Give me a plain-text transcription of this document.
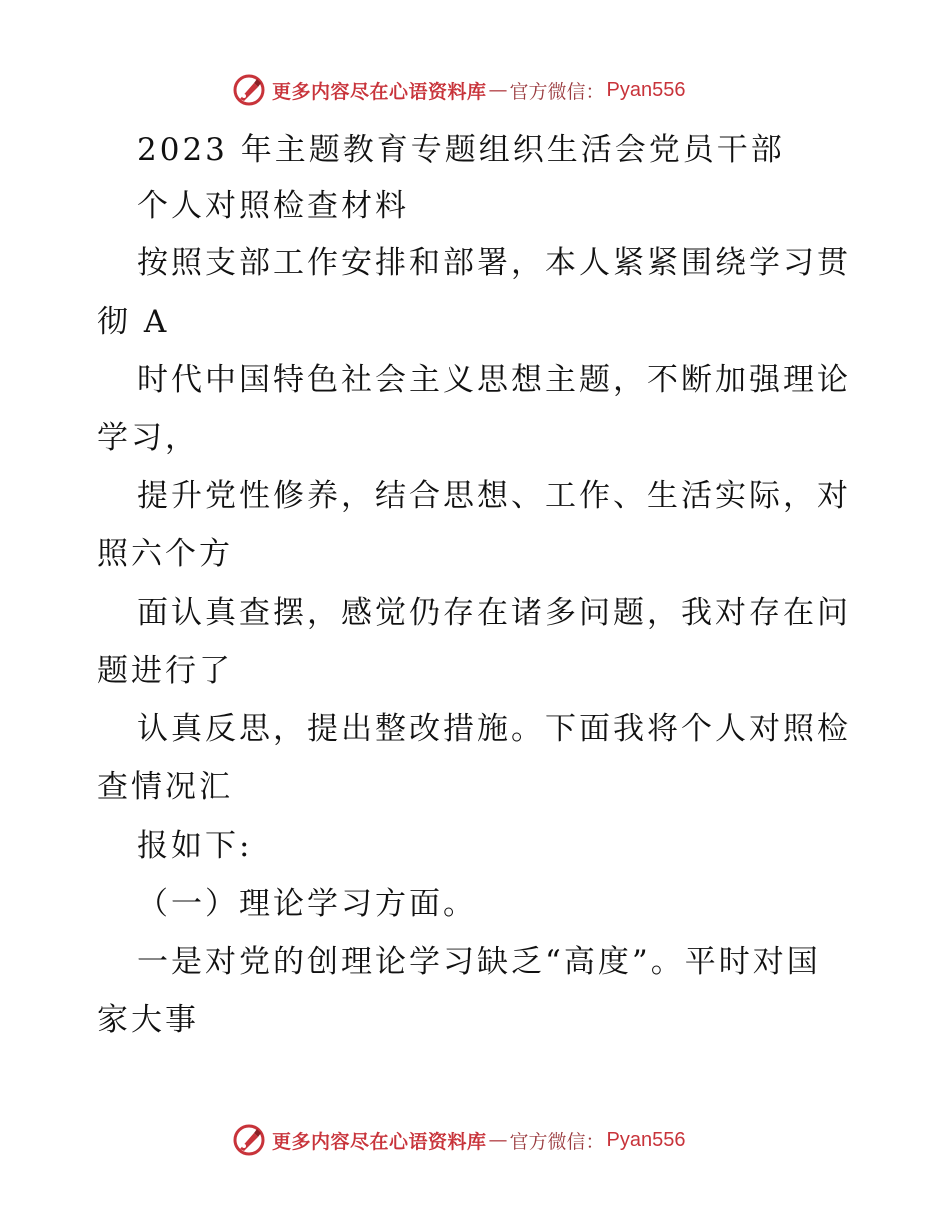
更多内容尽在心语资料库 — 官方微信： Pyan556
2023 年主题教育专题组织生活会党员干部
个人对照检查材料
按照支部工作安排和部署，本人紧紧围绕学习贯
彻 A
时代中国特色社会主义思想主题，不断加强理论
学习，
提升党性修养，结合思想、工作、生活实际，对
照六个方
面认真查摆，感觉仍存在诸多问题，我对存在问
题进行了
认真反思，提出整改措施。下面我将个人对照检
查情况汇
报如下:
（一）理论学习方面。
一是对党的创理论学习缺乏“高度”。平时对国
家大事
更多内容尽在心语资料库 — 官方微信： Pyan556
